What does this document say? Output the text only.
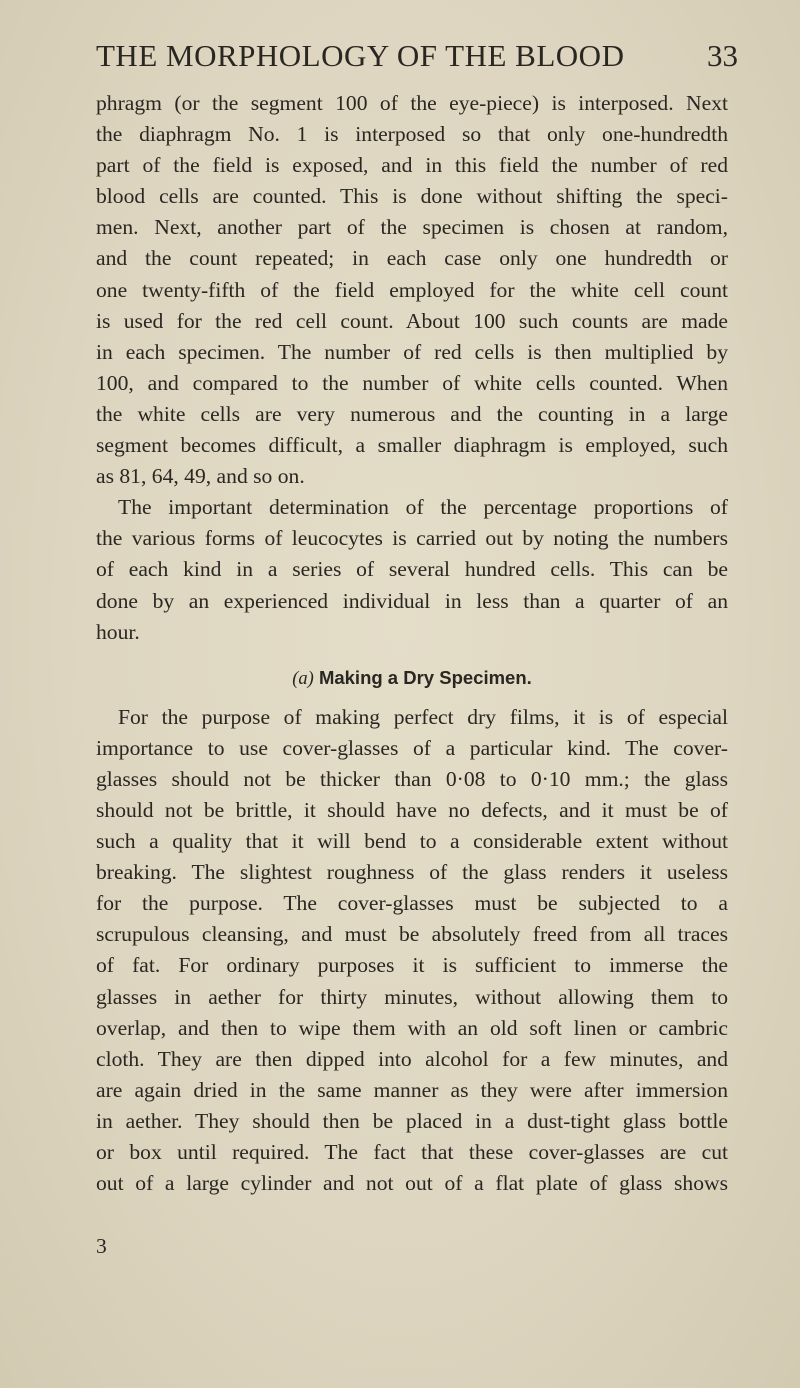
THE MORPHOLOGY OF THE BLOOD	33
phragm (or the segment 100 of the eye-piece) is interposed. Next
the diaphragm No. 1 is interposed so that only one-hundredth
part of the field is exposed, and in this field the number of red
blood cells are counted. This is done without shifting the speci-
men. Next, another part of the specimen is chosen at random,
and the count repeated; in each case only one hundredth or
one twenty-fifth of the field employed for the white cell count
is used for the red cell count. About 100 such counts are made
in each specimen. The number of red cells is then multiplied by
100, and compared to the number of white cells counted. When
the white cells are very numerous and the counting in a large
segment becomes difficult, a smaller diaphragm is employed, such
as 81, 64, 49, and so on.
The important determination of the percentage proportions of
the various forms of leucocytes is carried out by noting the numbers
of each kind in a series of several hundred cells. This can be
done by an experienced individual in less than a quarter of an
hour.
(a) Making a Dry Specimen.
For the purpose of making perfect dry films, it is of especial
importance to use cover-glasses of a particular kind. The cover-
glasses should not be thicker than 0·08 to 0·10 mm.; the glass
should not be brittle, it should have no defects, and it must be of
such a quality that it will bend to a considerable extent without
breaking. The slightest roughness of the glass renders it useless
for the purpose. The cover-glasses must be subjected to a
scrupulous cleansing, and must be absolutely freed from all traces
of fat. For ordinary purposes it is sufficient to immerse the
glasses in aether for thirty minutes, without allowing them to
overlap, and then to wipe them with an old soft linen or cambric
cloth. They are then dipped into alcohol for a few minutes, and
are again dried in the same manner as they were after immersion
in aether. They should then be placed in a dust-tight glass bottle
or box until required. The fact that these cover-glasses are cut
out of a large cylinder and not out of a flat plate of glass shows
3
